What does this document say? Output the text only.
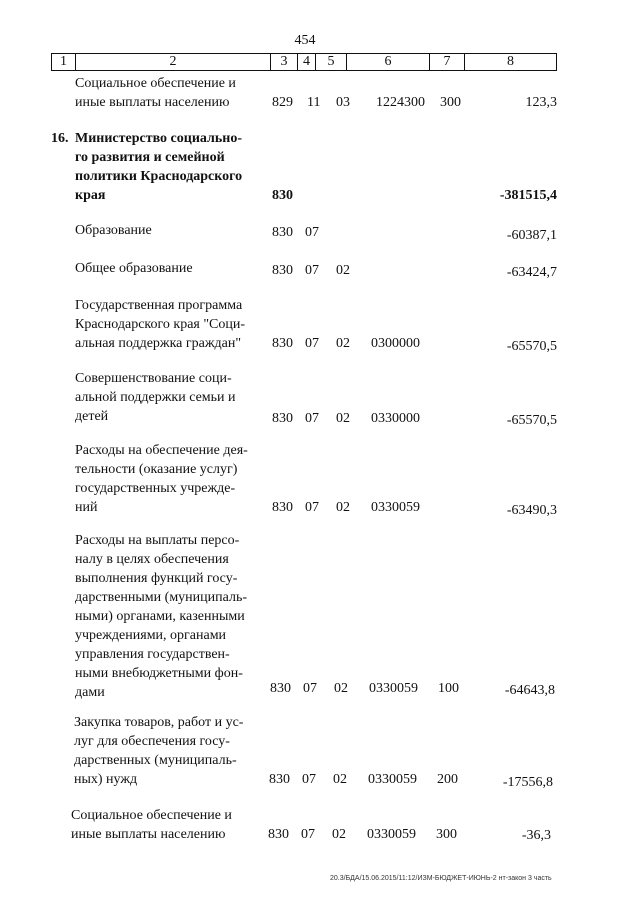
454
1	2	3	4	5	6	7	8
Социальное обеспечение и
иные выплаты населению	829 11 03 1224300 300	123,3
16. Министерство социально-
го развития и семейной
политики Краснодарского
края	830	-381515,4
Образование	830 07	-60387,1
Общее образование	830 07 02	-63424,7
Государственная программа
Краснодарского края "Соци-
альная поддержка граждан"	830 07 02 0300000	-65570,5
Совершенствование соци-
альной поддержки семьи и
детей	830 07 02 0330000	-65570,5
Расходы на обеспечение дея-
тельности (оказание услуг)
государственных учрежде-
ний	830 07 02 0330059	-63490,3
Расходы на выплаты персо-
налу в целях обеспечения
выполнения функций госу-
дарственными (муниципаль-
ными) органами, казенными
учреждениями, органами
управления государствен-
ными внебюджетными фон-
дами	830 07 02 0330059 100	-64643,8
Закупка товаров, работ и ус-
луг для обеспечения госу-
дарственных (муниципаль-
ных) нужд	830 07 02 0330059 200	-17556,8
Социальное обеспечение и
иные выплаты населению	830 07 02 0330059 300	-36,3
20.3/БДА/15.06.2015/11:12/ИЗМ-БЮДЖЕТ-ИЮНЬ-2 нт-закон 3 часть
